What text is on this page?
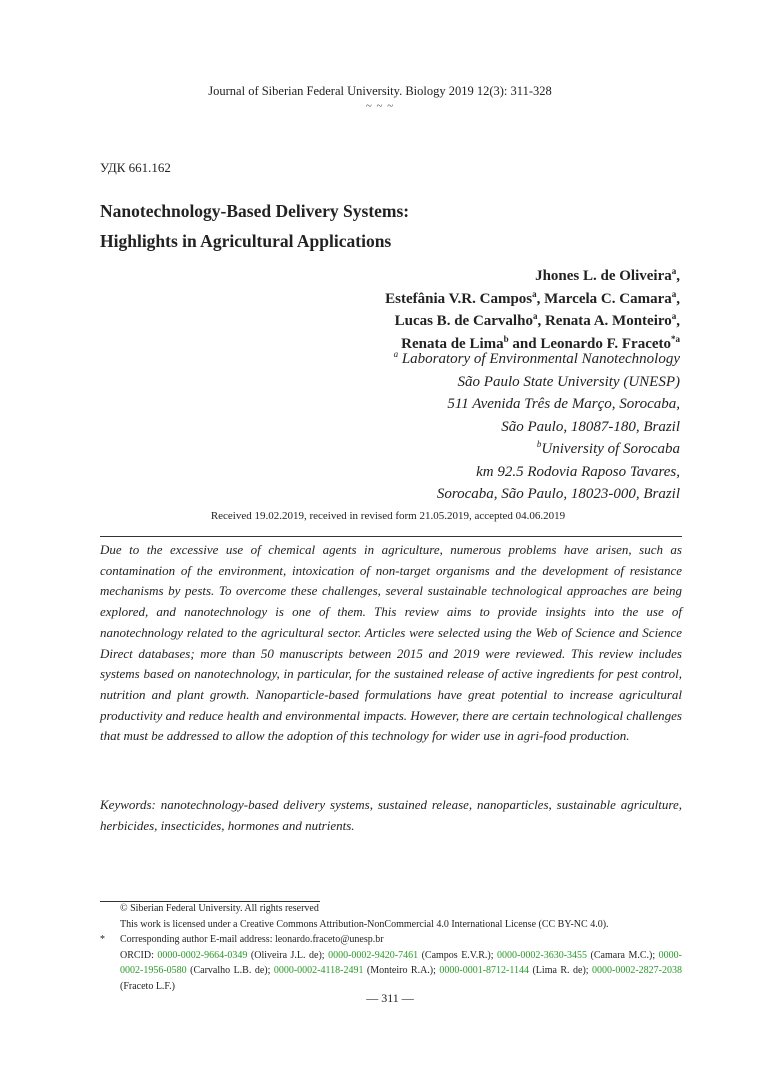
Journal of Siberian Federal University. Biology 2019 12(3): 311-328
~ ~ ~
УДК 661.162
Nanotechnology-Based Delivery Systems:
Highlights in Agricultural Applications
Jhones L. de Oliveira$^a$,
Estefânia V.R. Campos$^a$, Marcela C. Camara$^a$,
Lucas B. de Carvalho$^a$, Renata A. Monteiro$^a$,
Renata de Lima$^b$ and Leonardo F. Fraceto$^{*a}$
$^a$ Laboratory of Environmental Nanotechnology
São Paulo State University (UNESP)
511 Avenida Três de Março, Sorocaba,
São Paulo, 18087-180, Brazil
$^b$University of Sorocaba
km 92.5 Rodovia Raposo Tavares,
Sorocaba, São Paulo, 18023-000, Brazil
Received 19.02.2019, received in revised form 21.05.2019, accepted 04.06.2019
Due to the excessive use of chemical agents in agriculture, numerous problems have arisen, such as contamination of the environment, intoxication of non-target organisms and the development of resistance mechanisms by pests. To overcome these challenges, several sustainable technological approaches are being explored, and nanotechnology is one of them. This review aims to provide insights into the use of nanotechnology related to the agricultural sector. Articles were selected using the Web of Science and Science Direct databases; more than 50 manuscripts between 2015 and 2019 were reviewed. This review includes systems based on nanotechnology, in particular, for the sustained release of active ingredients for pest control, nutrition and plant growth. Nanoparticle-based formulations have great potential to increase agricultural productivity and reduce health and environmental impacts. However, there are certain technological challenges that must be addressed to allow the adoption of this technology for wider use in agri-food production.
Keywords: nanotechnology-based delivery systems, sustained release, nanoparticles, sustainable agriculture, herbicides, insecticides, hormones and nutrients.
© Siberian Federal University. All rights reserved
This work is licensed under a Creative Commons Attribution-NonCommercial 4.0 International License (CC BY-NC 4.0).
* Corresponding author E-mail address: leonardo.fraceto@unesp.br
ORCID: 0000-0002-9664-0349 (Oliveira J.L. de); 0000-0002-9420-7461 (Campos E.V.R.); 0000-0002-3630-3455 (Camara M.C.); 0000-0002-1956-0580 (Carvalho L.B. de); 0000-0002-4118-2491 (Monteiro R.A.); 0000-0001-8712-1144 (Lima R. de); 0000-0002-2827-2038 (Fraceto L.F.)
— 311 —
